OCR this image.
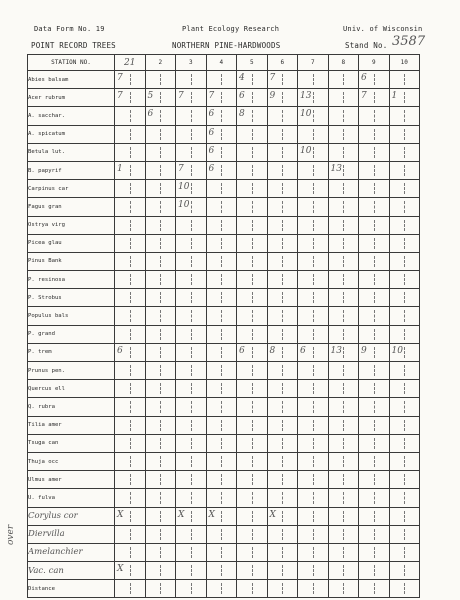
Data Form No. 19	Plant Ecology Research	Univ. of Wisconsin
POINT RECORD TREES	NORTHERN PINE-HARDWOODS	Stand No. 3587
STATION NO.	21	2	3	4	5	6	7	8	9	10
Abies balsam	7				4	7			6	

Acer rubrum	7	5	7	7	6	9	13		7	1

A. sacchar.		6		6	8		10			

A. spicatum				6						

Betula lut.				6			10			

B. papyrif	1		7	6				13		

Carpinus car			10							

Fagus gran			10							

Ostrya virg	

Picea glau	

Pinus Bank	

P. resinosa	

P. Strobus	

Populus bals	

P. grand	

P. trem	6				6	8	6	13	9	10

Prunus pen.	

Quercus ell	

Q. rubra	

Tilia amer	

Tsuga can	

Thuja occ	

Ulmus amer	

U. fulva	

Corylus cor	X		X	X		X				

Diervilla	

Amelanchier	

Vac. can	X									

Distance	

over
